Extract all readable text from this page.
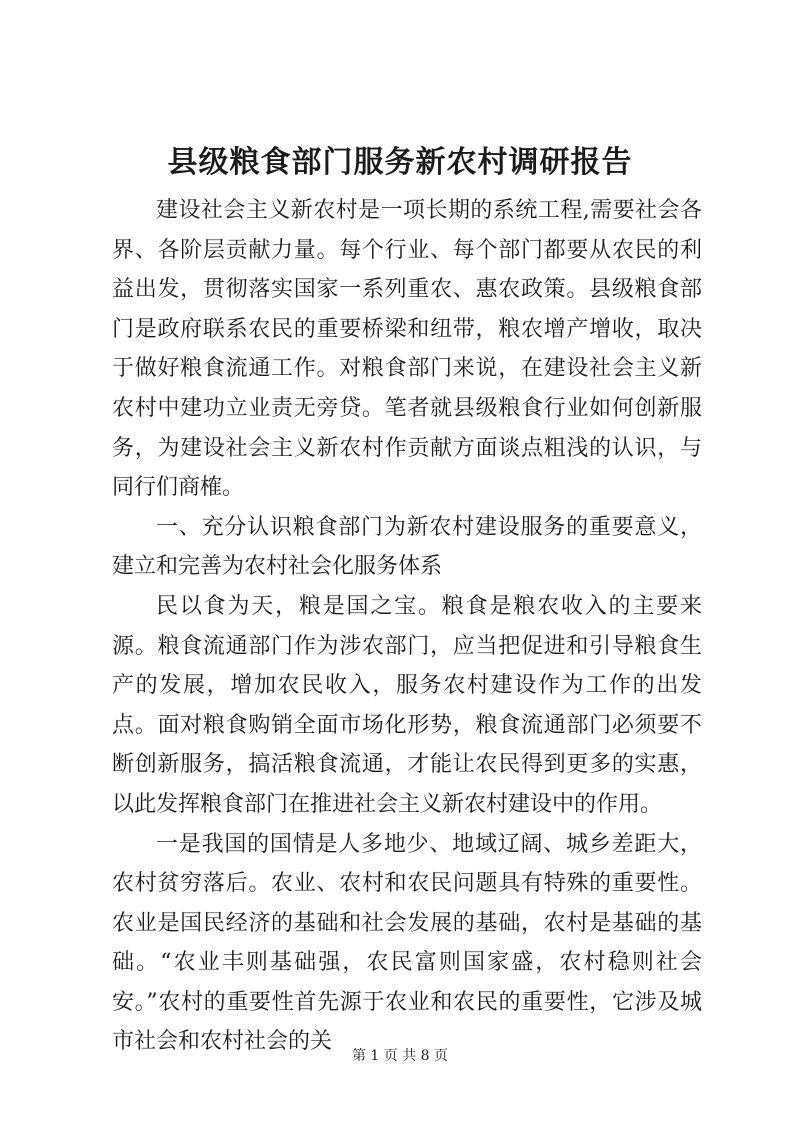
县级粮食部门服务新农村调研报告

建设社会主义新农村是一项长期的系统工程,需要社会各界、各阶层贡献力量。每个行业、每个部门都要从农民的利益出发，贯彻落实国家一系列重农、惠农政策。县级粮食部门是政府联系农民的重要桥梁和纽带，粮农增产增收，取决于做好粮食流通工作。对粮食部门来说，在建设社会主义新农村中建功立业责无旁贷。笔者就县级粮食行业如何创新服务，为建设社会主义新农村作贡献方面谈点粗浅的认识，与同行们商榷。

一、充分认识粮食部门为新农村建设服务的重要意义，建立和完善为农村社会化服务体系

民以食为天，粮是国之宝。粮食是粮农收入的主要来源。粮食流通部门作为涉农部门，应当把促进和引导粮食生产的发展，增加农民收入，服务农村建设作为工作的出发点。面对粮食购销全面市场化形势，粮食流通部门必须要不断创新服务，搞活粮食流通，才能让农民得到更多的实惠，以此发挥粮食部门在推进社会主义新农村建设中的作用。

一是我国的国情是人多地少、地域辽阔、城乡差距大，农村贫穷落后。农业、农村和农民问题具有特殊的重要性。农业是国民经济的基础和社会发展的基础，农村是基础的基础。“农业丰则基础强，农民富则国家盛，农村稳则社会安。”农村的重要性首先源于农业和农民的重要性，它涉及城市社会和农村社会的关

第 1 页 共 8 页
